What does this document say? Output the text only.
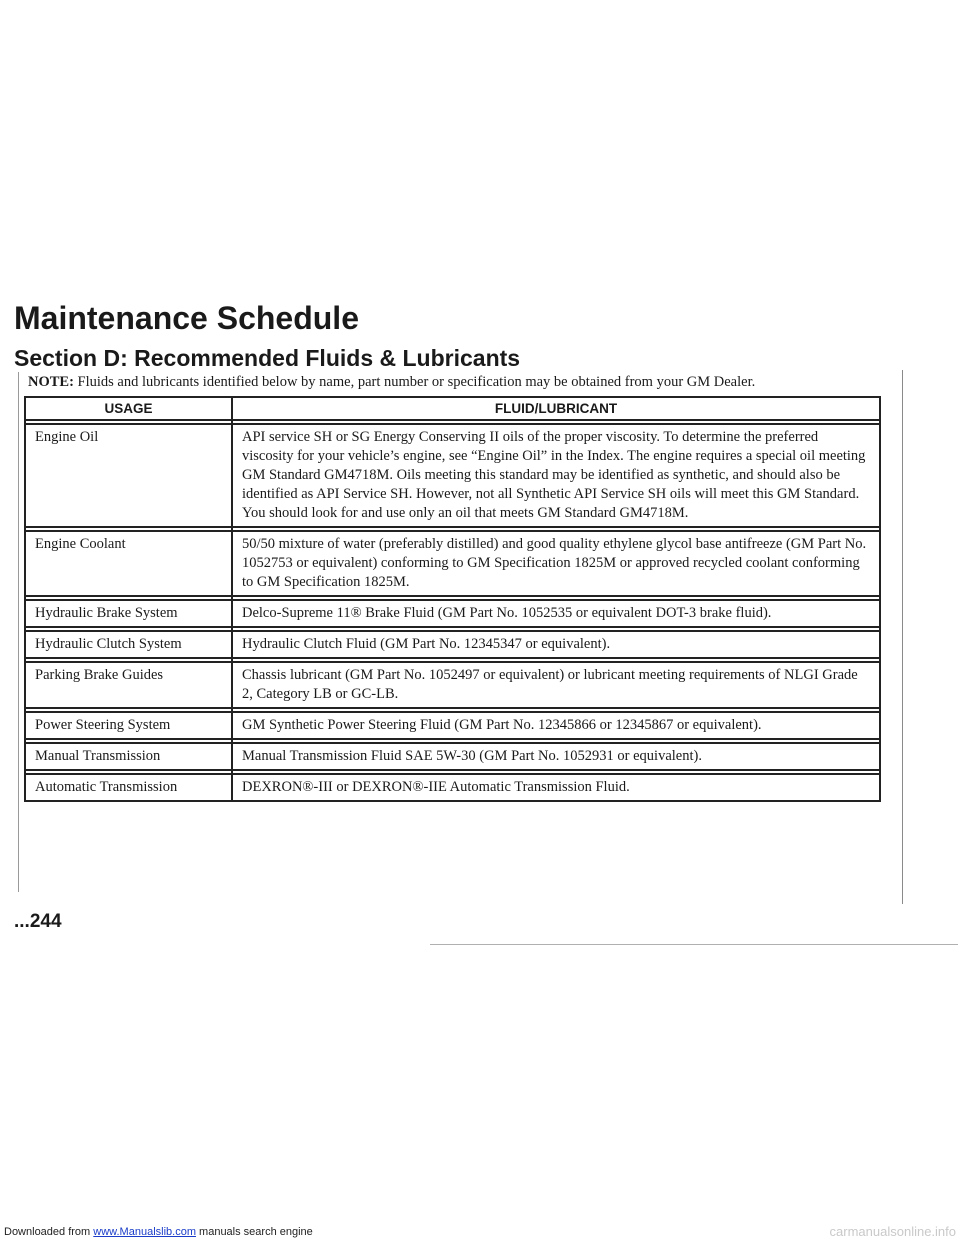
Maintenance Schedule
Section D: Recommended Fluids & Lubricants

NOTE: Fluids and lubricants identified below by name, part number or specification may be obtained from your GM Dealer.

USAGE	FLUID/LUBRICANT

Engine Oil	API service SH or SG Energy Conserving II oils of the proper viscosity. To determine the preferred viscosity for your vehicle’s engine, see “Engine Oil” in the Index. The engine requires a special oil meeting GM Standard GM4718M. Oils meeting this standard may be identified as synthetic, and should also be identified as API Service SH. However, not all Synthetic API Service SH oils will meet this GM Standard. You should look for and use only an oil that meets GM Standard GM4718M.

Engine Coolant	50/50 mixture of water (preferably distilled) and good quality ethylene glycol base antifreeze (GM Part No. 1052753 or equivalent) conforming to GM Specification 1825M or approved recycled coolant conforming to GM Specification 1825M.

Hydraulic Brake System	Delco-Supreme 11® Brake Fluid (GM Part No. 1052535 or equivalent DOT-3 brake fluid).

Hydraulic Clutch System	Hydraulic Clutch Fluid (GM Part No. 12345347 or equivalent).

Parking Brake Guides	Chassis lubricant (GM Part No. 1052497 or equivalent) or lubricant meeting requirements of NLGI Grade 2, Category LB or GC-LB.

Power Steering System	GM Synthetic Power Steering Fluid (GM Part No. 12345866 or 12345867 or equivalent).

Manual Transmission	Manual Transmission Fluid SAE 5W-30 (GM Part No. 1052931 or equivalent).

Automatic Transmission	DEXRON®-III or DEXRON®-IIE Automatic Transmission Fluid.

...244

Downloaded from www.Manualslib.com manuals search engine	carmanualsonline.info
